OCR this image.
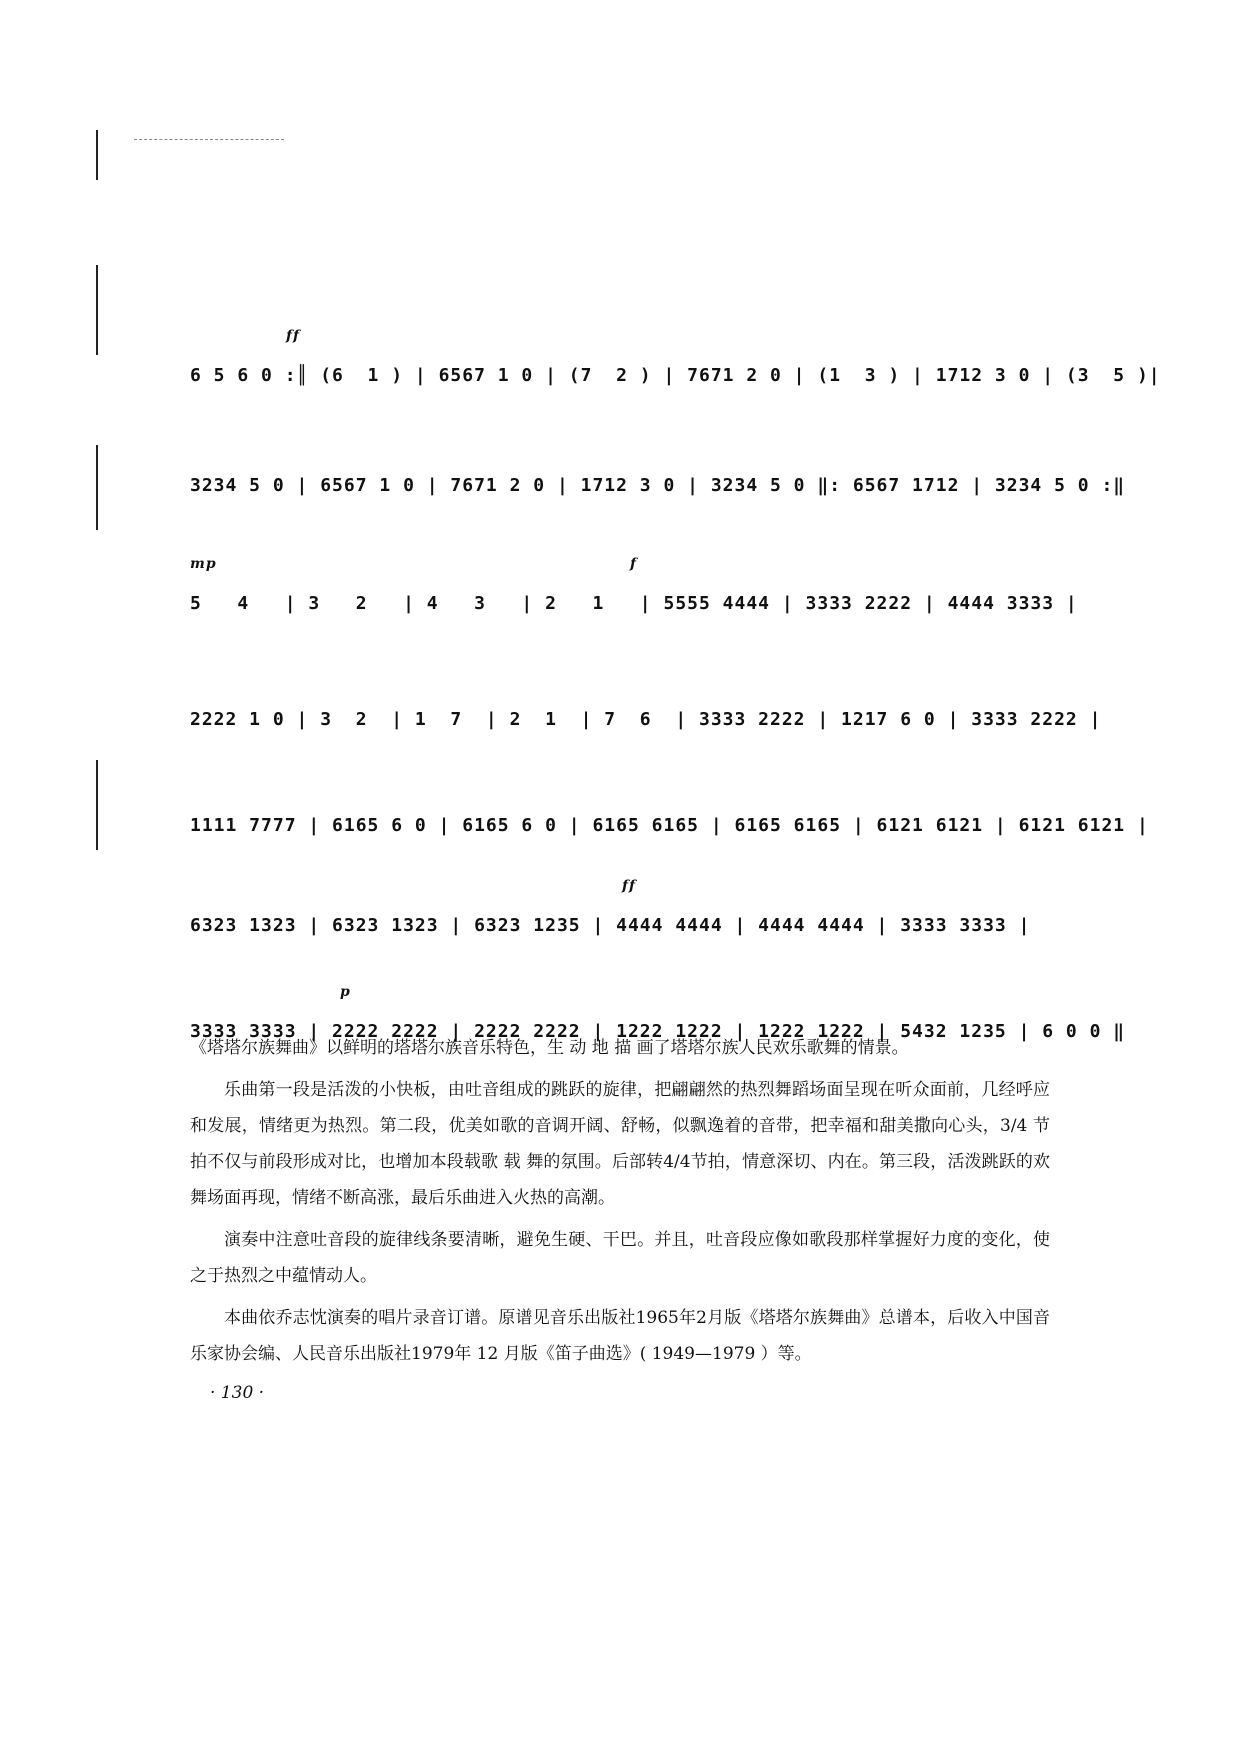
6 5 6 0 :║ (6  1 ) | 6567 1 0 | (7  2 ) | 7671 2 0 | (1  3 ) | 1712 3 0 | (3  5 )|

ff

3234 5 0 | 6567 1 0 | 7671 2 0 | 1712 3 0 | 3234 5 0 ‖: 6567 1712 | 3234 5 0 :‖

5   4   | 3   2   | 4   3   | 2   1   | 5555 4444 | 3333 2222 | 4444 3333 |

mp

	f

2222 1 0 | 3  2  | 1  7  | 2  1  | 7  6  | 3333 2222 | 1217 6 0 | 3333 2222 |

1111 7777 | 6165 6 0 | 6165 6 0 | 6165 6165 | 6165 6165 | 6121 6121 | 6121 6121 |

6323 1323 | 6323 1323 | 6323 1235 | 4444 4444 | 4444 4444 | 3333 3333 |

ff

3333 3333 | 2222 2222 | 2222 2222 | 1222 1222 | 1222 1222 | 5432 1235 | 6 0 0 ‖

p

《塔塔尔族舞曲》以鲜明的塔塔尔族音乐特色，生 动 地 描 画了塔塔尔族人民欢乐歌舞的情景。

乐曲第一段是活泼的小快板，由吐音组成的跳跃的旋律，把翩翩然的热烈舞蹈场面呈现在听众面前，几经呼应和发展，情绪更为热烈。第二段，优美如歌的音调开阔、舒畅，似飘逸着的音带，把幸福和甜美撒向心头，3/4 节 拍不仅与前段形成对比，也增加本段载歌 载 舞的氛围。后部转4/4节拍，情意深切、内在。第三段，活泼跳跃的欢舞场面再现，情绪不断高涨，最后乐曲进入火热的高潮。

演奏中注意吐音段的旋律线条要清晰，避免生硬、干巴。并且，吐音段应像如歌段那样掌握好力度的变化，使之于热烈之中蕴情动人。

本曲依乔志忱演奏的唱片录音订谱。原谱见音乐出版社1965年2月版《塔塔尔族舞曲》总谱本，后收入中国音乐家协会编、人民音乐出版社1979年 12 月版《笛子曲选》( 1949—1979 ）等。

· 130 ·
